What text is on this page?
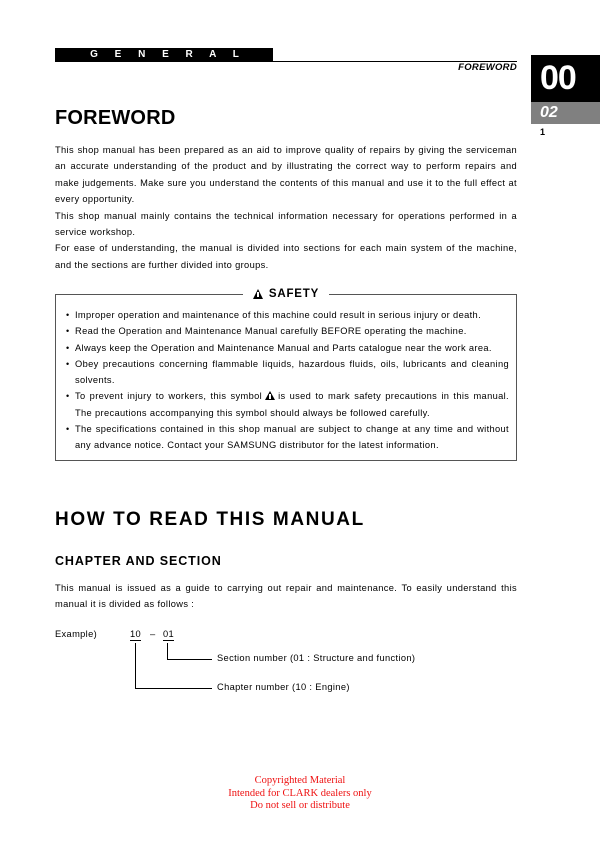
G E N E R A L
FOREWORD 00
02
1
FOREWORD

This shop manual has been prepared as an aid to improve quality of repairs by giving the serviceman an accurate understanding of the product and by illustrating the correct way to perform repairs and make judgements. Make sure you understand the contents of this manual and use it to the full effect at every opportunity.

This shop manual mainly contains the technical information necessary for operations performed in a service workshop.

For ease of understanding, the manual is divided into sections for each main system of the machine, and the sections are further divided into groups.

SAFETY
• Improper operation and maintenance of this machine could result in serious injury or death.
• Read the Operation and Maintenance Manual carefully BEFORE operating the machine.
• Always keep the Operation and Maintenance Manual and Parts catalogue near the work area.
• Obey precautions concerning flammable liquids, hazardous fluids, oils, lubricants and cleaning solvents.
• To prevent injury to workers, this symbol is used to mark safety precautions in this manual. The precautions accompanying this symbol should always be followed carefully.
• The specifications contained in this shop manual are subject to change at any time and without any advance notice. Contact your SAMSUNG distributor for the latest information.
HOW TO READ THIS MANUAL
CHAPTER AND SECTION

This manual is issued as a guide to carrying out repair and maintenance. To easily understand this manual it is divided as follows :

Example)	10 – 01
Section number (01 : Structure and function)
Chapter number (10 : Engine)
Copyrighted Material
Intended for CLARK dealers only
Do not sell or distribute
